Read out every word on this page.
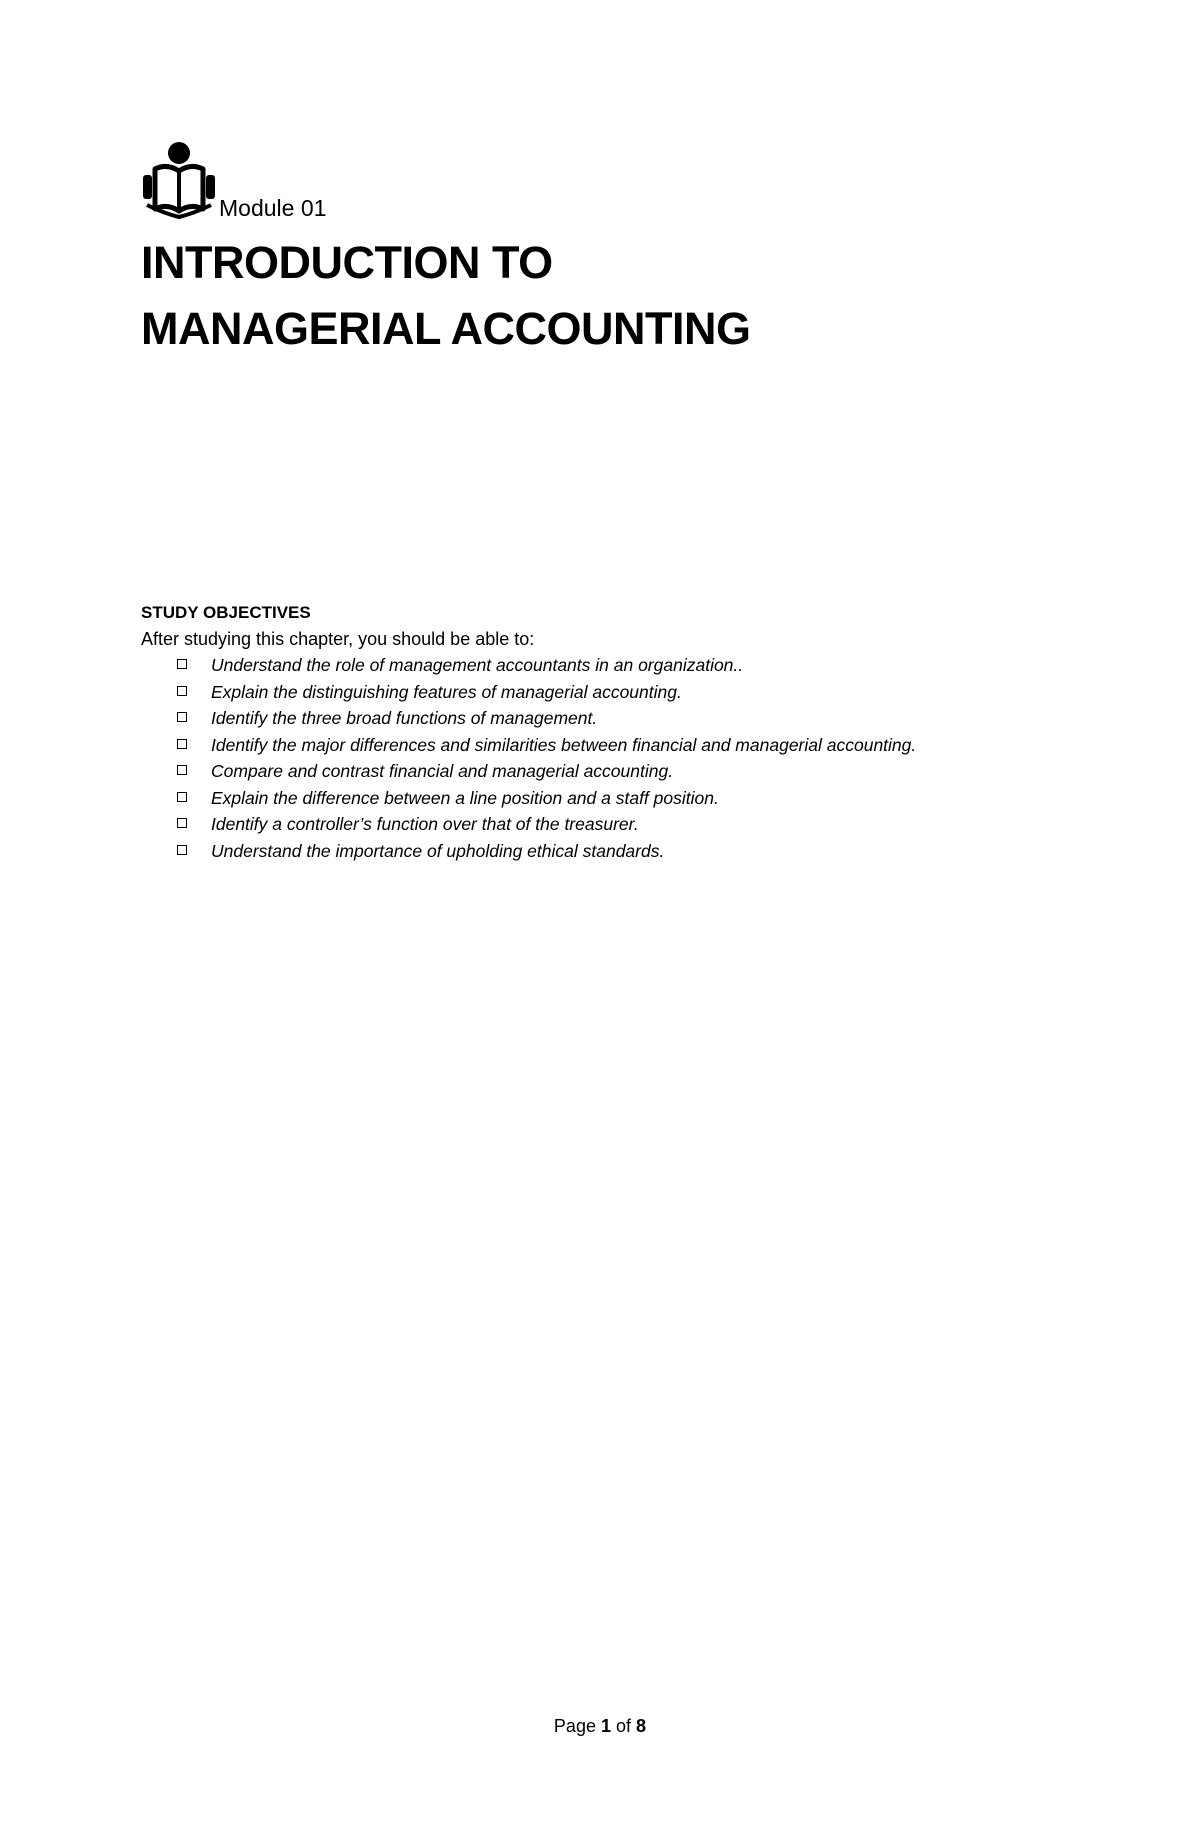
Module 01
INTRODUCTION TO
MANAGERIAL ACCOUNTING

STUDY OBJECTIVES

After studying this chapter, you should be able to:

Understand the role of management accountants in an organization..
Explain the distinguishing features of managerial accounting.
Identify the three broad functions of management.
Identify the major differences and similarities between financial and managerial accounting.
Compare and contrast financial and managerial accounting.
Explain the difference between a line position and a staff position.
Identify a controller’s function over that of the treasurer.
Understand the importance of upholding ethical standards.
Page 1 of 8
